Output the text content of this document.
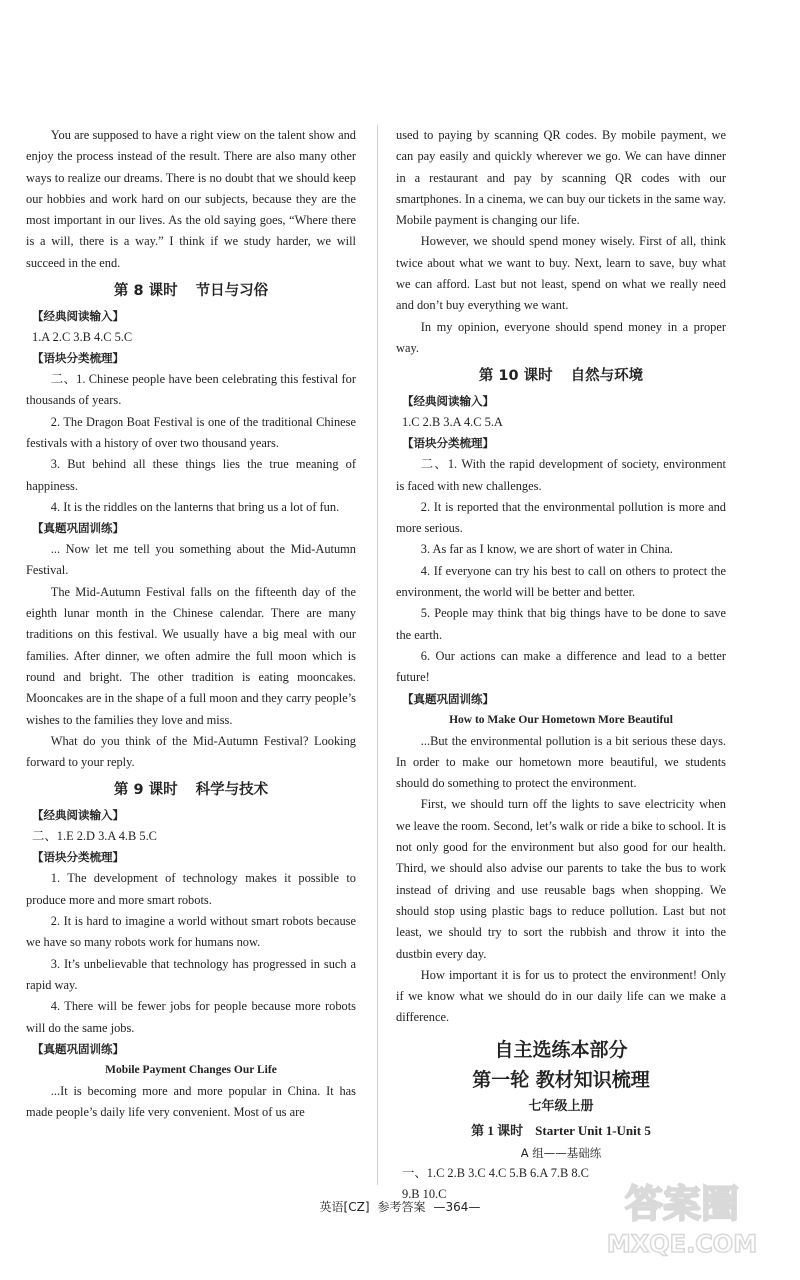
You are supposed to have a right view on the talent show and enjoy the process instead of the result. There are also many other ways to realize our dreams. There is no doubt that we should keep our hobbies and work hard on our subjects, because they are the most important in our lives. As the old saying goes, “Where there is a will, there is a way.” I think if we study harder, we will succeed in the end.

第 8 课时 节日与习俗
【经典阅读输入】
1.A 2.C 3.B 4.C 5.C
【语块分类梳理】

二、1. Chinese people have been celebrating this festival for thousands of years.

2. The Dragon Boat Festival is one of the traditional Chinese festivals with a history of over two thousand years.

3. But behind all these things lies the true meaning of happiness.

4. It is the riddles on the lanterns that bring us a lot of fun.

【真题巩固训练】

... Now let me tell you something about the Mid-Autumn Festival.

The Mid-Autumn Festival falls on the fifteenth day of the eighth lunar month in the Chinese calendar. There are many traditions on this festival. We usually have a big meal with our families. After dinner, we often admire the full moon which is round and bright. The other tradition is eating mooncakes. Mooncakes are in the shape of a full moon and they carry people’s wishes to the families they love and miss.

What do you think of the Mid-Autumn Festival? Looking forward to your reply.

第 9 课时 科学与技术
【经典阅读输入】
二、1.E 2.D 3.A 4.B 5.C
【语块分类梳理】

1. The development of technology makes it possible to produce more and more smart robots.

2. It is hard to imagine a world without smart robots because we have so many robots work for humans now.

3. It’s unbelievable that technology has progressed in such a rapid way.

4. There will be fewer jobs for people because more robots will do the same jobs.

【真题巩固训练】
Mobile Payment Changes Our Life

...It is becoming more and more popular in China. It has made people’s daily life very convenient. Most of us are

used to paying by scanning QR codes. By mobile payment, we can pay easily and quickly wherever we go. We can have dinner in a restaurant and pay by scanning QR codes with our smartphones. In a cinema, we can buy our tickets in the same way. Mobile payment is changing our life.

However, we should spend money wisely. First of all, think twice about what we want to buy. Next, learn to save, buy what we can afford. Last but not least, spend on what we really need and don’t buy everything we want.

In my opinion, everyone should spend money in a proper way.

第 10 课时 自然与环境
【经典阅读输入】
1.C 2.B 3.A 4.C 5.A
【语块分类梳理】

二、1. With the rapid development of society, environment is faced with new challenges.

2. It is reported that the environmental pollution is more and more serious.

3. As far as I know, we are short of water in China.

4. If everyone can try his best to call on others to protect the environment, the world will be better and better.

5. People may think that big things have to be done to save the earth.

6. Our actions can make a difference and lead to a better future!

【真题巩固训练】
How to Make Our Hometown More Beautiful

...But the environmental pollution is a bit serious these days. In order to make our hometown more beautiful, we students should do something to protect the environment.

First, we should turn off the lights to save electricity when we leave the room. Second, let’s walk or ride a bike to school. It is not only good for the environment but also good for our health. Third, we should also advise our parents to take the bus to work instead of driving and use reusable bags when shopping. We should stop using plastic bags to reduce pollution. Last but not least, we should try to sort the rubbish and throw it into the dustbin every day.

How important it is for us to protect the environment! Only if we know what we should do in our daily life can we make a difference.

自主选练本部分
第一轮 教材知识梳理
七年级上册
第 1 课时 Starter Unit 1-Unit 5
A 组——基础练
一、1.C 2.B 3.C 4.C 5.B 6.A 7.B 8.C
9.B 10.C
英语[CZ] 参考答案 —364—	答案圈
MXQE.COM
